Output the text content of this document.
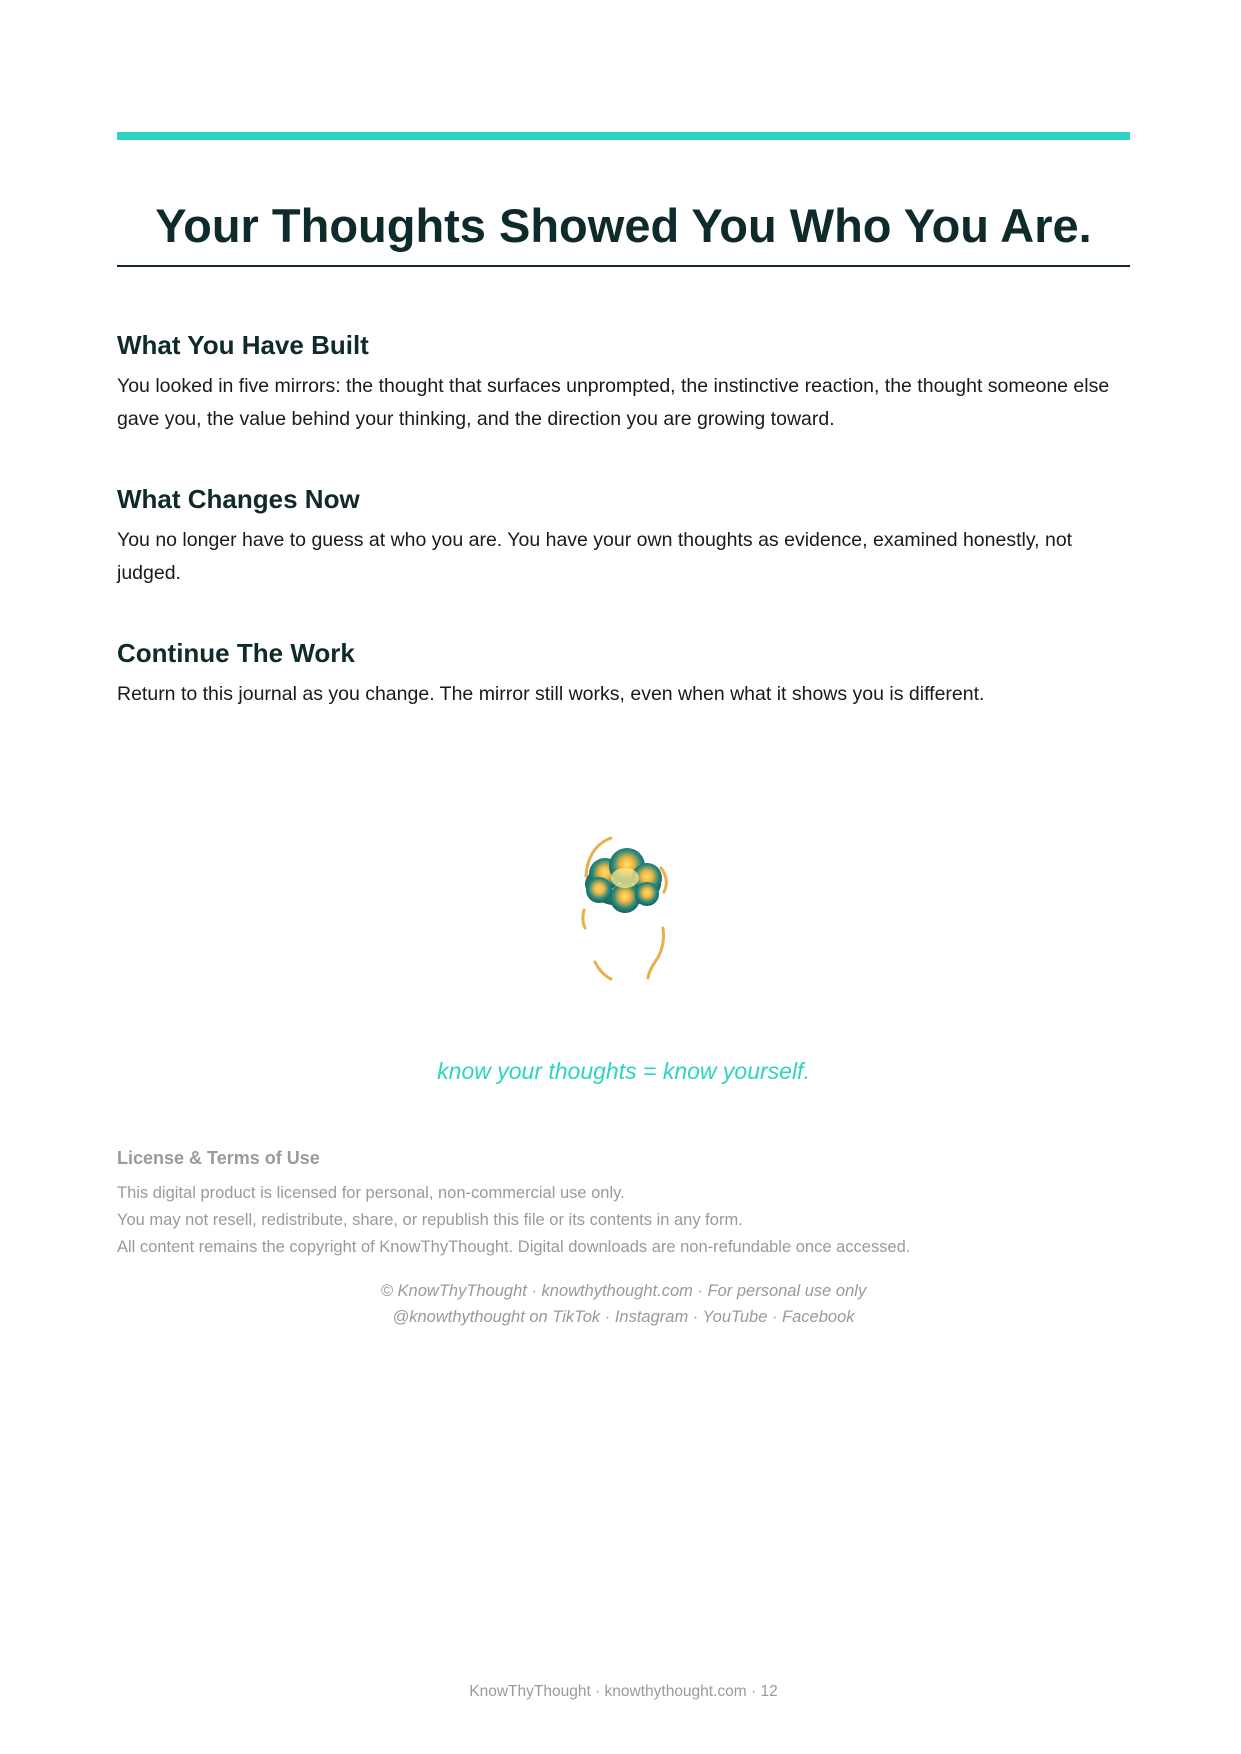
Your Thoughts Showed You Who You Are.
What You Have Built

You looked in five mirrors: the thought that surfaces unprompted, the instinctive reaction, the thought someone else gave you, the value behind your thinking, and the direction you are growing toward.

What Changes Now

You no longer have to guess at who you are. You have your own thoughts as evidence, examined honestly, not judged.

Continue The Work

Return to this journal as you change. The mirror still works, even when what it shows you is different.

know your thoughts = know yourself.
License & Terms of Use
This digital product is licensed for personal, non-commercial use only.
You may not resell, redistribute, share, or republish this file or its contents in any form.
All content remains the copyright of KnowThyThought. Digital downloads are non-refundable once accessed.
© KnowThyThought · knowthythought.com · For personal use only
@knowthythought on TikTok · Instagram · YouTube · Facebook
KnowThyThought · knowthythought.com · 12
